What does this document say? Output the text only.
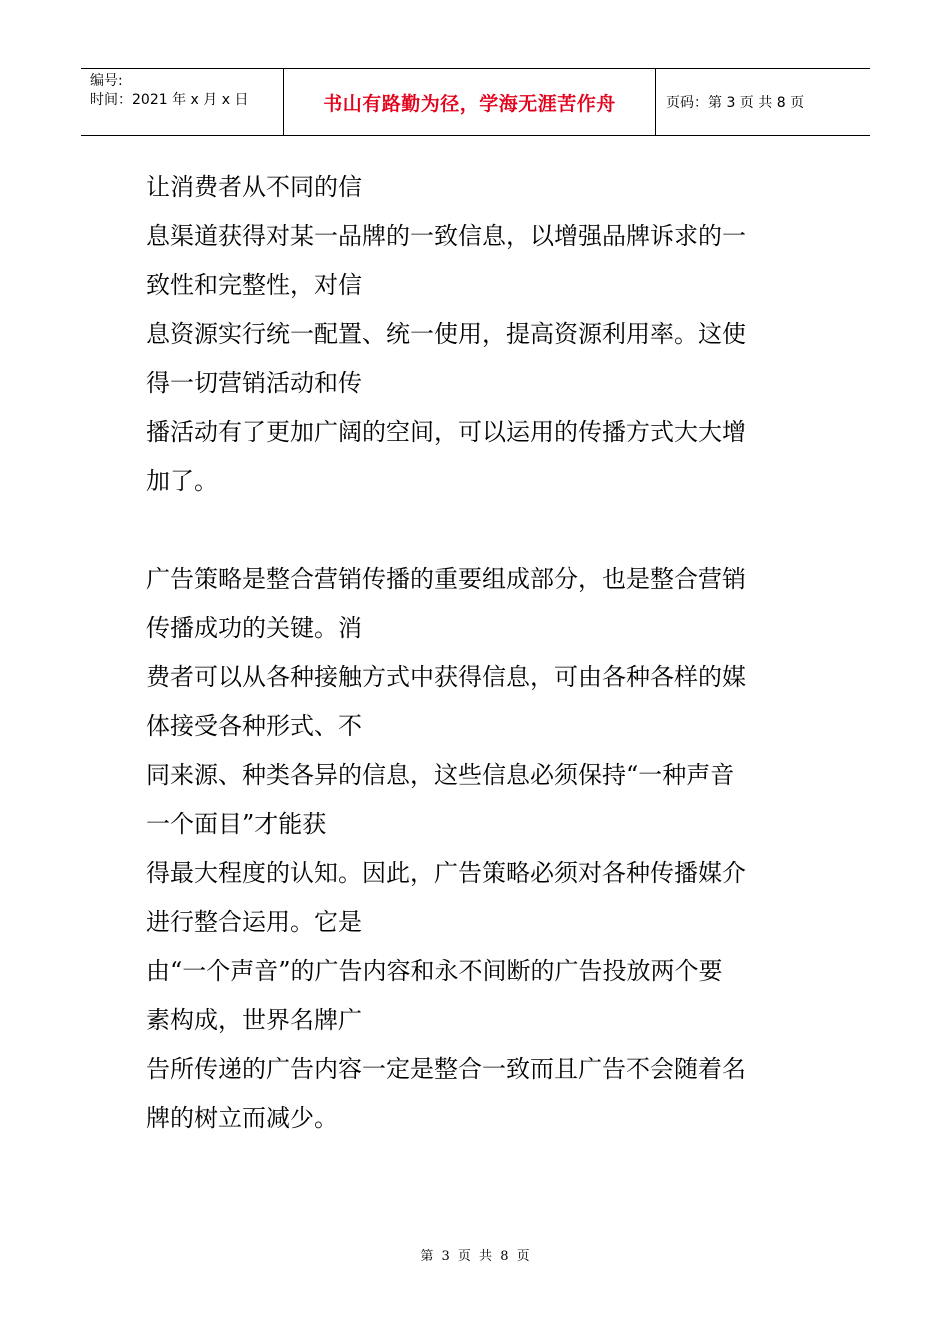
编号:
时间：2021 年 x 月 x 日	书山有路勤为径，学海无涯苦作舟	页码：第 3 页 共 8 页

让消费者从不同的信

息渠道获得对某一品牌的一致信息，以增强品牌诉求的一

致性和完整性，对信

息资源实行统一配置、统一使用，提高资源利用率。这使

得一切营销活动和传

播活动有了更加广阔的空间，可以运用的传播方式大大增

加了。

广告策略是整合营销传播的重要组成部分，也是整合营销

传播成功的关键。消

费者可以从各种接触方式中获得信息，可由各种各样的媒

体接受各种形式、不

同来源、种类各异的信息，这些信息必须保持“一种声音

一个面目”才能获

得最大程度的认知。因此，广告策略必须对各种传播媒介

进行整合运用。它是

由“一个声音”的广告内容和永不间断的广告投放两个要

素构成，世界名牌广

告所传递的广告内容一定是整合一致而且广告不会随着名

牌的树立而减少。

第 3 页 共 8 页
